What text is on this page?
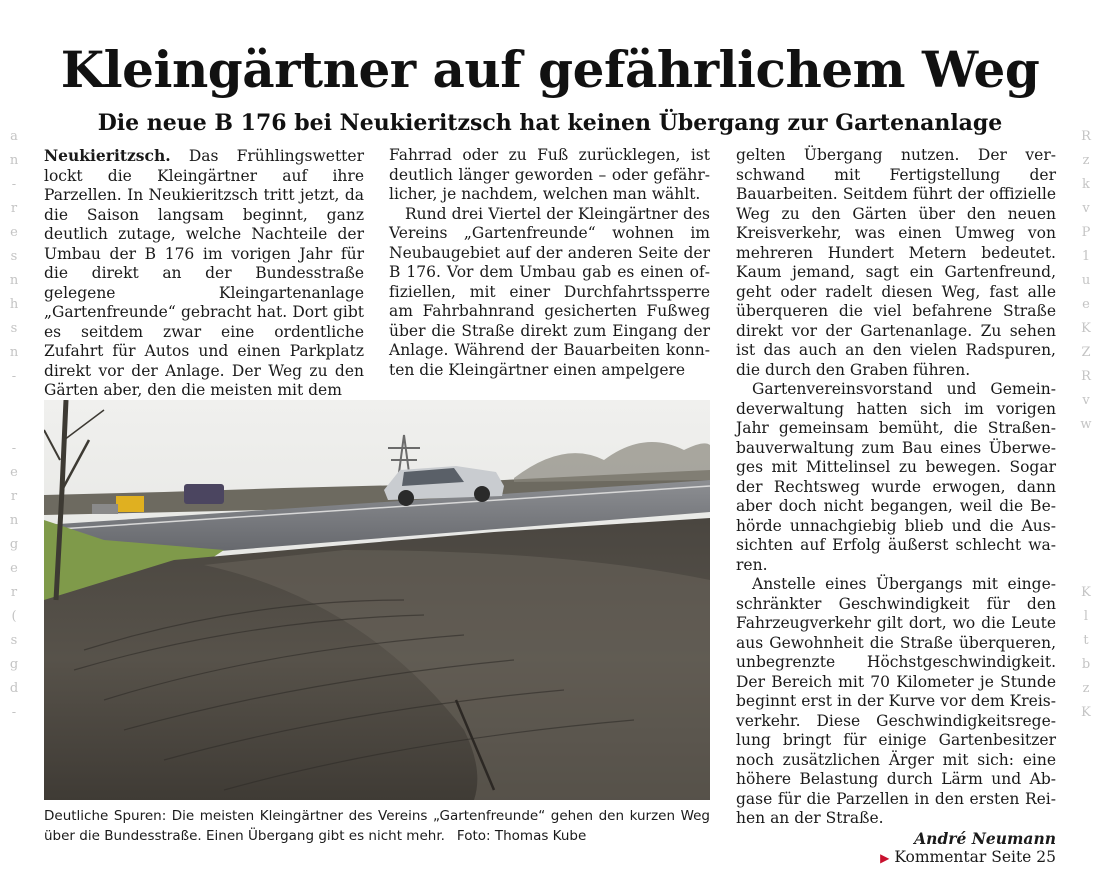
a
n
-
r
e
s
n
h
s
n
-

-
e
r
n
g
e
r
(
s
g
d
-
R
z
k
v
P
1
u
e
K
Z
R
v
w

K
l
t
b
z
K
Kleingärtner auf gefährlichem Weg
Die neue B 176 bei Neukieritzsch hat keinen Übergang zur Gartenanlage

Neukieritzsch. Das Frühlingswetter lockt die Kleingärtner auf ihre Parzellen. In Neukieritzsch tritt jetzt, da die Saison langsam beginnt, ganz deutlich zutage, welche Nachteile der Umbau der B 176 im vorigen Jahr für die direkt an der Bundesstraße gelegene Kleingartenanlage „Gartenfreunde“ gebracht hat. Dort gibt es seitdem zwar eine ordentliche Zufahrt für Autos und einen Parkplatz direkt vor der Anlage. Der Weg zu den Gärten aber, den die meisten mit dem

Fahrrad oder zu Fuß zurücklegen, ist deutlich länger geworden – oder gefährlicher, je nachdem, welchen man wählt.

Rund drei Viertel der Kleingärtner des Vereins „Gartenfreunde“ wohnen im Neubaugebiet auf der anderen Seite der B 176. Vor dem Umbau gab es einen offiziellen, mit einer Durchfahrtssperre am Fahrbahnrand gesicherten Fußweg über die Straße direkt zum Eingang der Anlage. Während der Bauarbeiten konnten die Kleingärtner einen ampelgere

gelten Übergang nutzen. Der verschwand mit Fertigstellung der Bauarbeiten. Seitdem führt der offizielle Weg zu den Gärten über den neuen Kreisverkehr, was einen Umweg von mehreren Hundert Metern bedeutet. Kaum jemand, sagt ein Gartenfreund, geht oder radelt diesen Weg, fast alle überqueren die viel befahrene Straße direkt vor der Gartenanlage. Zu sehen ist das auch an den vielen Radspuren, die durch den Graben führen.

Gartenvereinsvorstand und Gemeindeverwaltung hatten sich im vorigen Jahr gemeinsam bemüht, die Straßenbauverwaltung zum Bau eines Überweges mit Mittelinsel zu bewegen. Sogar der Rechtsweg wurde erwogen, dann aber doch nicht begangen, weil die Behörde unnachgiebig blieb und die Aussichten auf Erfolg äußerst schlecht waren.

Anstelle eines Übergangs mit eingeschränkter Geschwindigkeit für den Fahrzeugverkehr gilt dort, wo die Leute aus Gewohnheit die Straße überqueren, unbegrenzte Höchstgeschwindigkeit. Der Bereich mit 70 Kilometer je Stunde beginnt erst in der Kurve vor dem Kreisverkehr. Diese Geschwindigkeitsregelung bringt für einige Gartenbesitzer noch zusätzlichen Ärger mit sich: eine höhere Belastung durch Lärm und Abgase für die Parzellen in den ersten Reihen an der Straße.

André Neumann

▶ Kommentar Seite 25

Deutliche Spuren: Die meisten Kleingärtner des Vereins „Gartenfreunde“ gehen den kurzen Weg über die Bundesstraße. Einen Übergang gibt es nicht mehr. Foto: Thomas Kube
